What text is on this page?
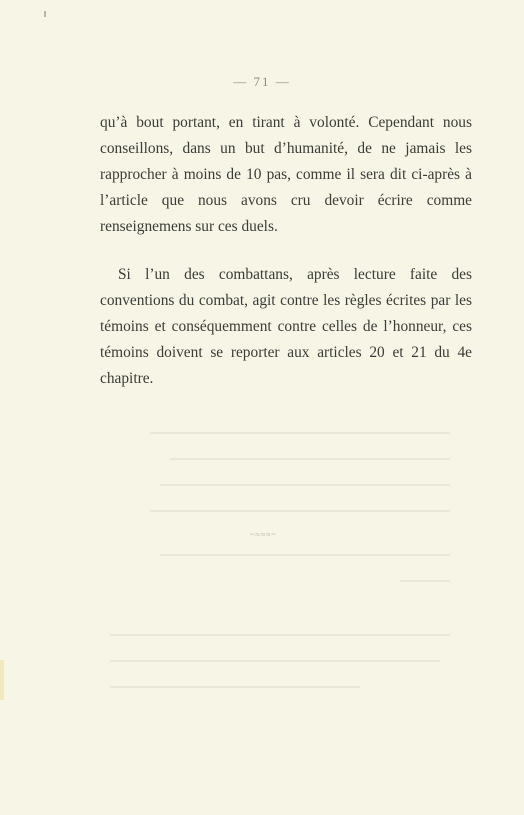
— 71 —

qu’à bout portant, en tirant à volonté. Cependant nous conseillons, dans un but d’humanité, de ne jamais les rapprocher à moins de 10 pas, comme il sera dit ci-après à l’article que nous avons cru devoir écrire comme renseignemens sur ces duels.

Si l’un des combattans, après lecture faite des conventions du combat, agit contre les règles écrites par les témoins et conséquemment contre celles de l’honneur, ces témoins doivent se reporter aux articles 20 et 21 du 4e chapitre.

~≈≈≈~
